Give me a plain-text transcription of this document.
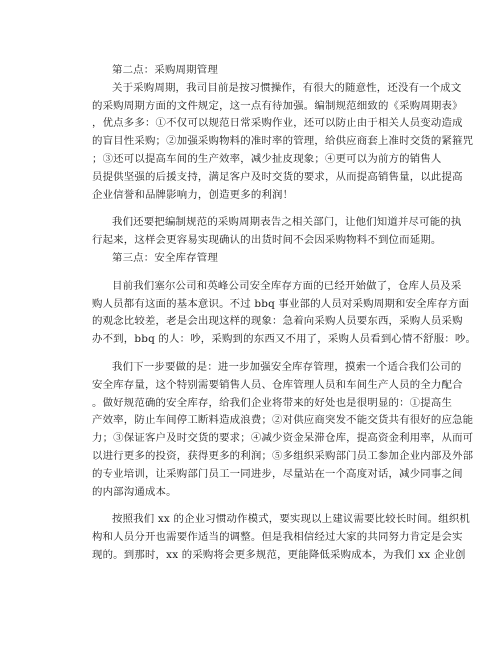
第二点：采购周期管理
关于采购周期，我司目前是按习惯操作，有很大的随意性，还没有一个成文
的采购周期方面的文件规定，这一点有待加强。编制规范细致的《采购周期表》
，优点多多：①不仅可以规范日常采购作业，还可以防止由于相关人员变动造成
的盲目性采购；②加强采购物料的准时率的管理，给供应商套上准时交货的紧箍咒
；③还可以提高车间的生产效率，减少扯皮现象；④更可以为前方的销售人
员提供坚强的后援支持，满足客户及时交货的要求，从而提高销售量，以此提高
企业信誉和品牌影响力，创造更多的利润！
我们还要把编制规范的采购周期表告之相关部门，让他们知道并尽可能的执
行起来，这样会更容易实现确认的出货时间不会因采购物料不到位而延期。
第三点：安全库存管理
目前我们塞尔公司和英峰公司安全库存方面的已经开始做了，仓库人员及采
购人员都有这面的基本意识。不过 bbq 事业部的人员对采购周期和安全库存方面
的观念比较差，老是会出现这样的现象：急着向采购人员要东西，采购人员采购
办不到，bbq 的人：吵，采购到的东西又不用了，采购人员看到心情不舒服：吵。
我们下一步要做的是：进一步加强安全库存管理，摸索一个适合我们公司的
安全库存量，这个特别需要销售人员、仓库管理人员和车间生产人员的全力配合
。做好规范确的安全库存，给我们企业将带来的好处也是很明显的：①提高生
产效率，防止车间停工断料造成浪费；②对供应商突发不能交货共有很好的应急能
力；③保证客户及时交货的要求；④减少资金呆滞仓库，提高资金利用率，从而可
以进行更多的投资，获得更多的利润；⑤多组织采购部门员工参加企业内部及外部
的专业培训，让采购部门员工一同进步，尽量站在一个高度对话，减少同事之间
的内部沟通成本。
按照我们 xx 的企业习惯动作模式，要实现以上建议需要比较长时间。组织机
构和人员分开也需要作适当的调整。但是我相信经过大家的共同努力肯定是会实
现的。到那时，xx 的采购将会更多规范，更能降低采购成本，为我们 xx 企业创
